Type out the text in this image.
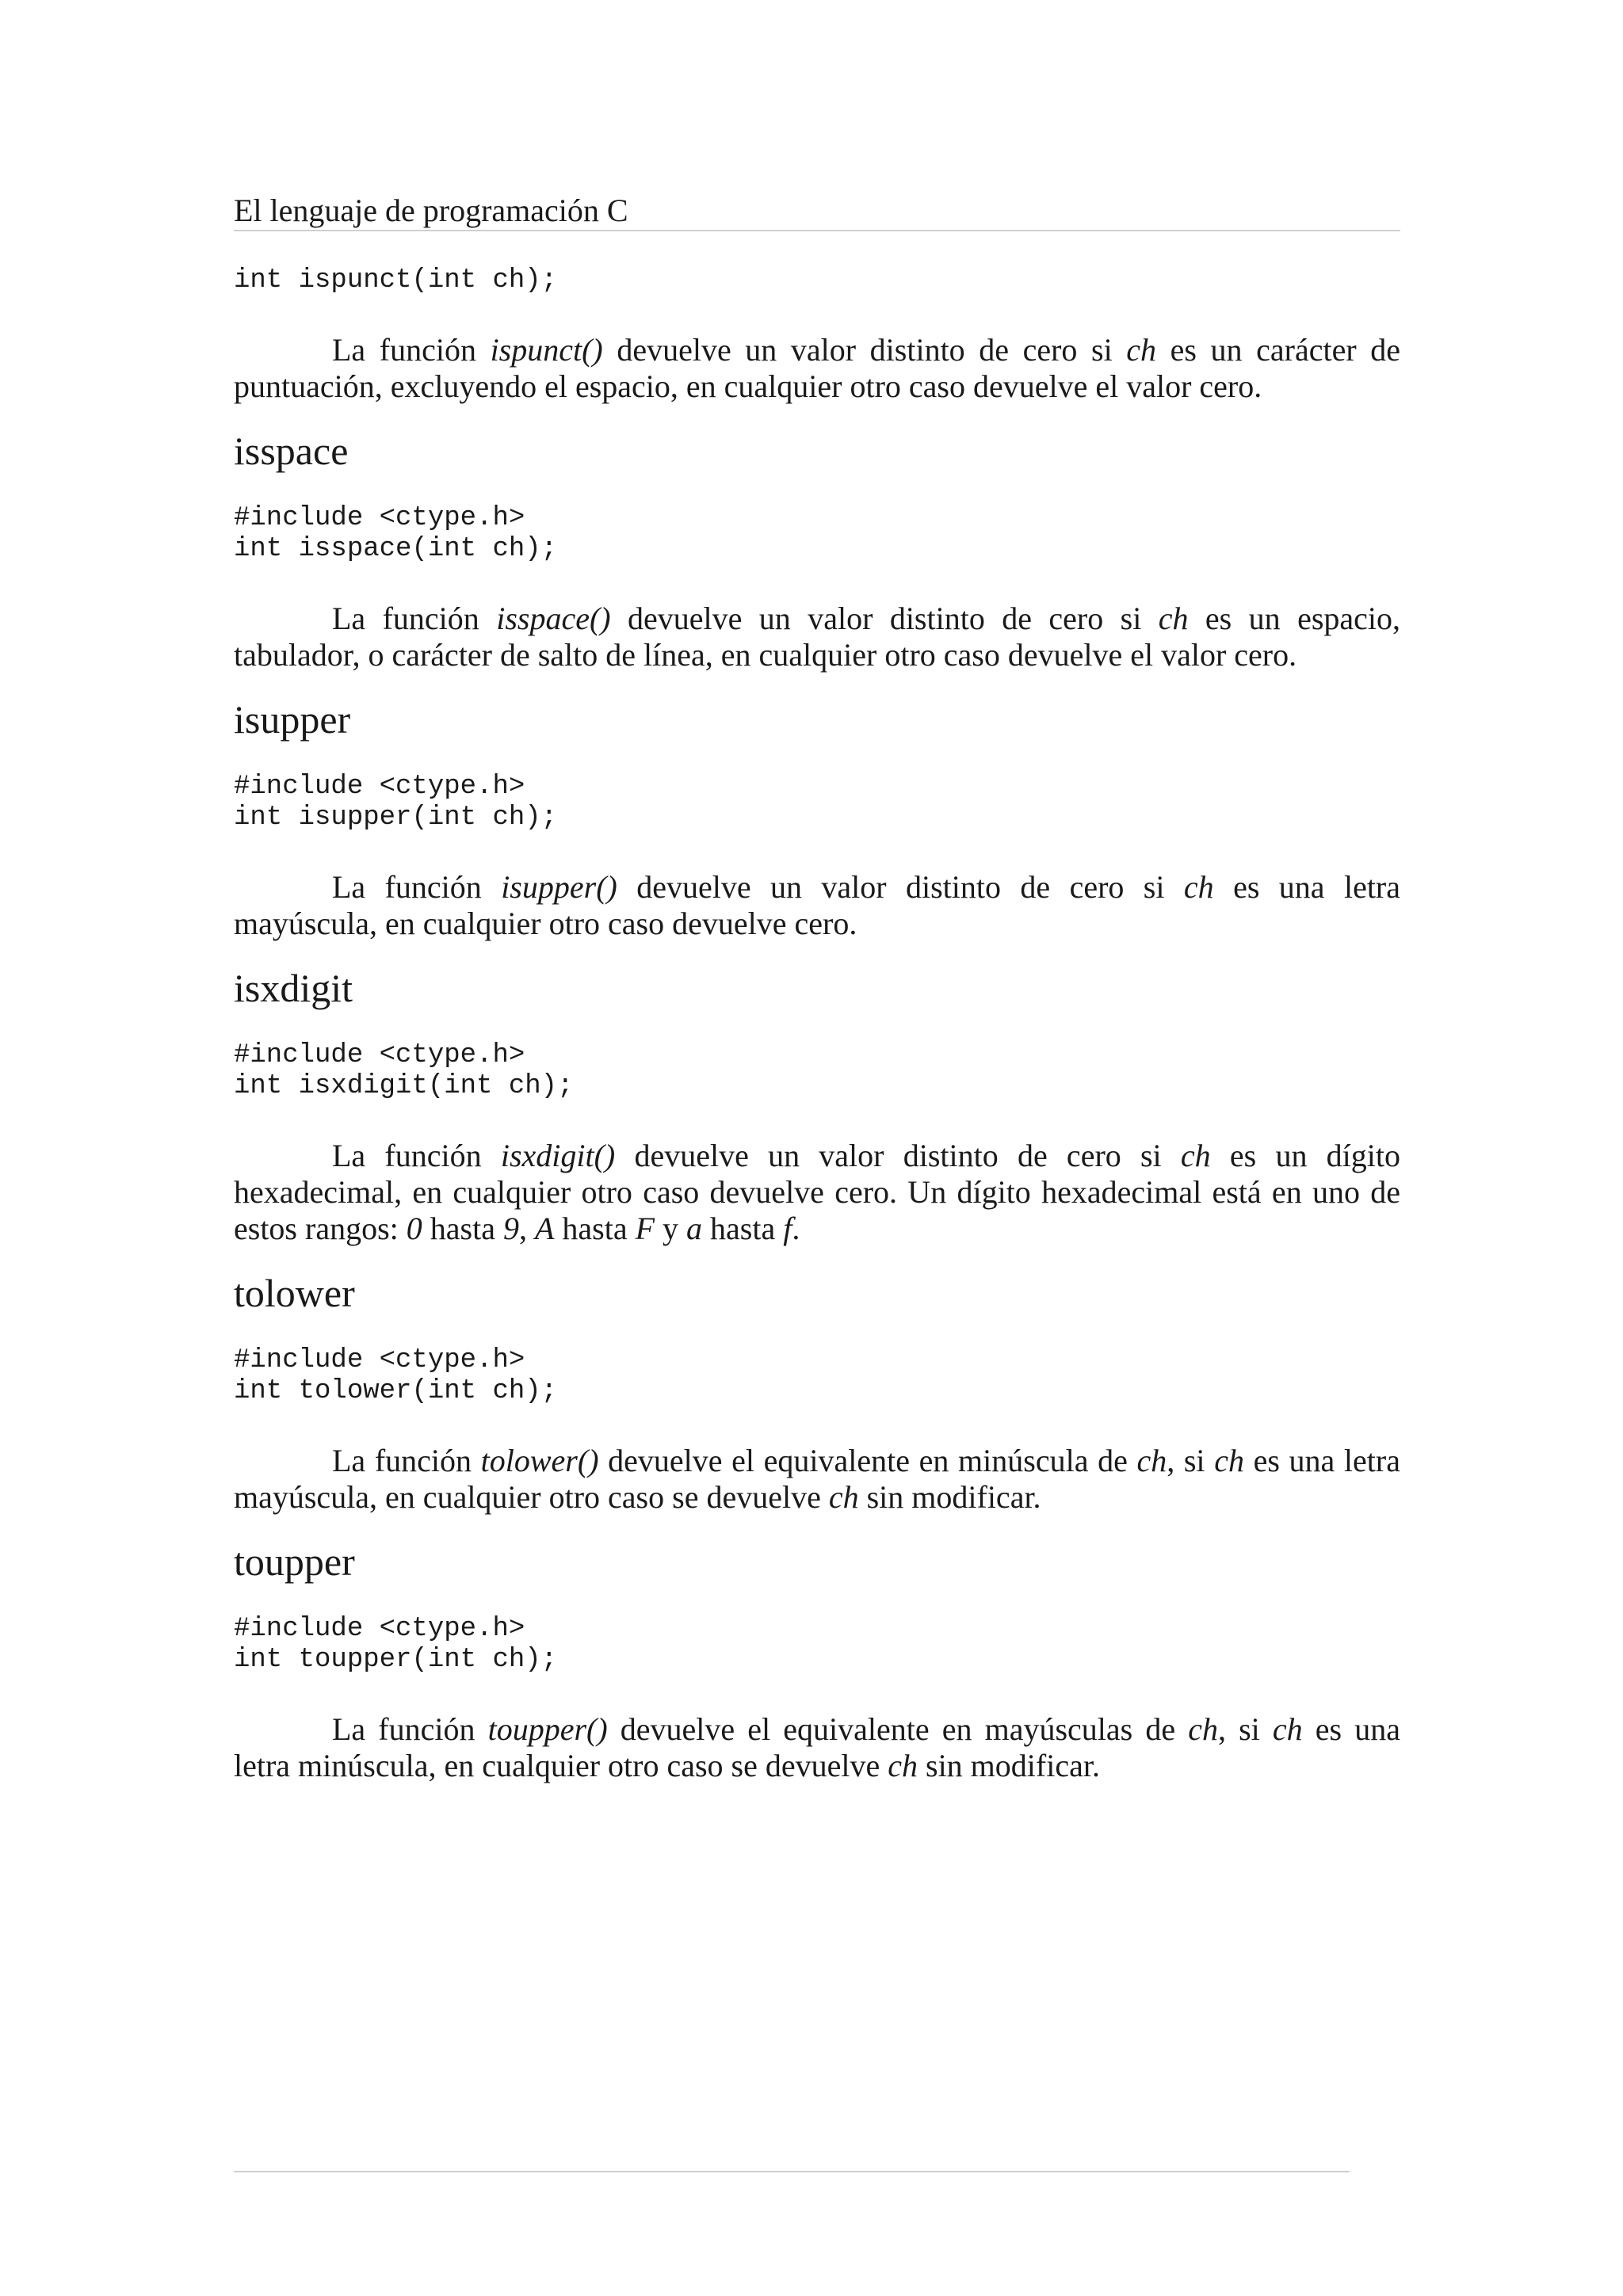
El lenguaje de programación C
int ispunct(int ch);

La función ispunct() devuelve un valor distinto de cero si ch es un carácter de puntuación, excluyendo el espacio, en cualquier otro caso devuelve el valor cero.

isspace
#include <ctype.h>
int isspace(int ch);

La función isspace() devuelve un valor distinto de cero si ch es un espacio, tabulador, o carácter de salto de línea, en cualquier otro caso devuelve el valor cero.

isupper
#include <ctype.h>
int isupper(int ch);

La función isupper() devuelve un valor distinto de cero si ch es una letra mayúscula, en cualquier otro caso devuelve cero.

isxdigit
#include <ctype.h>
int isxdigit(int ch);

La función isxdigit() devuelve un valor distinto de cero si ch es un dígito hexadecimal, en cualquier otro caso devuelve cero. Un dígito hexadecimal está en uno de estos rangos: 0 hasta 9, A hasta F y a hasta f.

tolower
#include <ctype.h>
int tolower(int ch);

La función tolower() devuelve el equivalente en minúscula de ch, si ch es una letra mayúscula, en cualquier otro caso se devuelve ch sin modificar.

toupper
#include <ctype.h>
int toupper(int ch);

La función toupper() devuelve el equivalente en mayúsculas de ch, si ch es una letra minúscula, en cualquier otro caso se devuelve ch sin modificar.
